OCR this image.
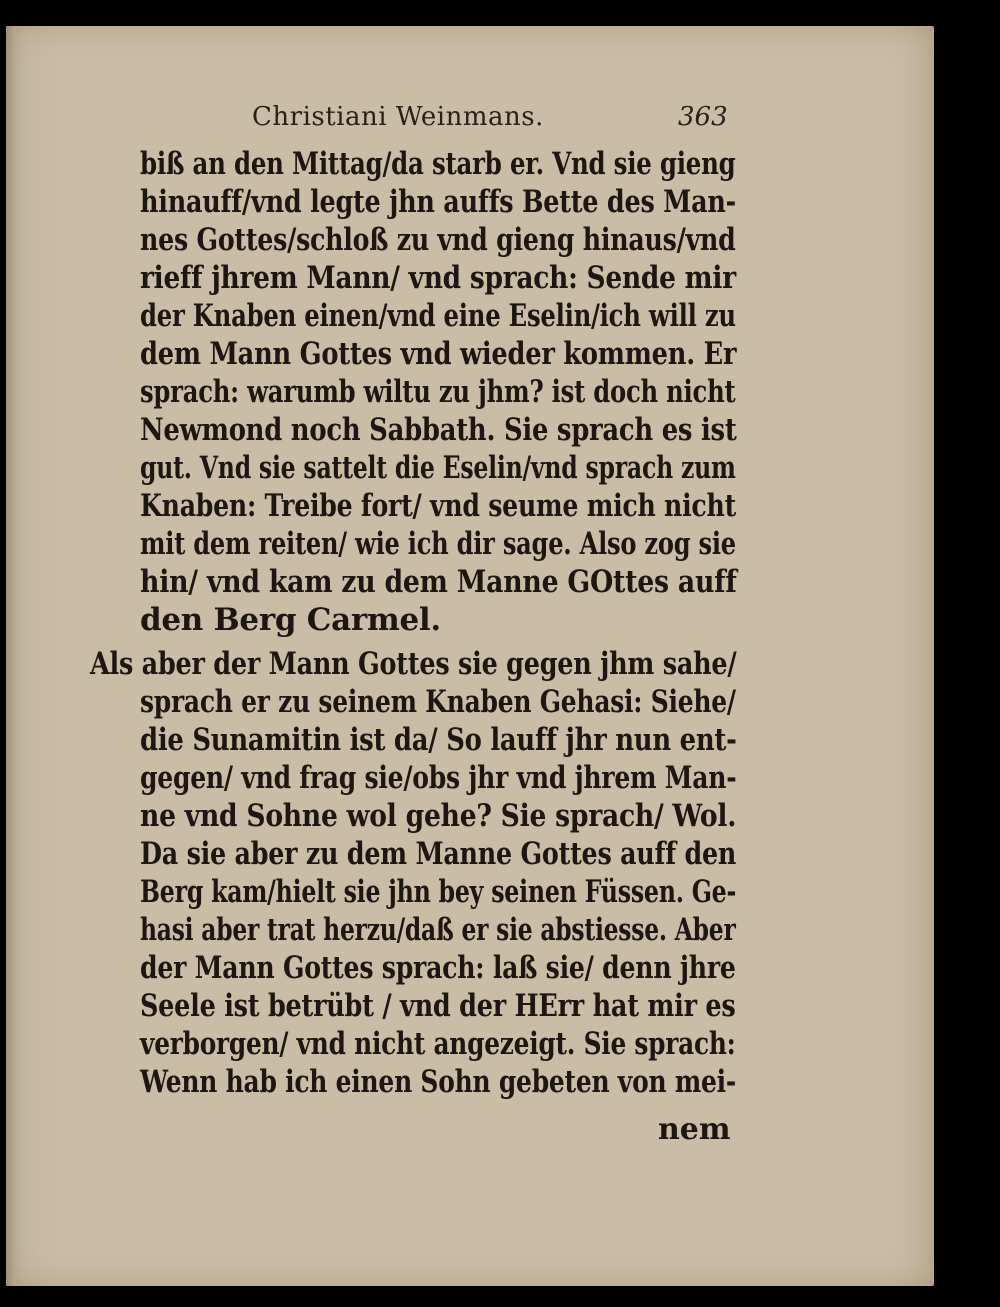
Christiani Weinmans.	363
biß an den Mittag/da starb er. Vnd sie gieng
hinauff/vnd legte jhn auffs Bette des Man-
nes Gottes/schloß zu vnd gieng hinaus/vnd
rieff jhrem Mann/ vnd sprach: Sende mir
der Knaben einen/vnd eine Eselin/ich will zu
dem Mann Gottes vnd wieder kommen. Er
sprach: warumb wiltu zu jhm? ist doch nicht
Newmond noch Sabbath. Sie sprach es ist
gut. Vnd sie sattelt die Eselin/vnd sprach zum
Knaben: Treibe fort/ vnd seume mich nicht
mit dem reiten/ wie ich dir sage. Also zog sie
hin/ vnd kam zu dem Manne GOttes auff
den Berg Carmel.
Als aber der Mann Gottes sie gegen jhm sahe/
sprach er zu seinem Knaben Gehasi: Siehe/
die Sunamitin ist da/ So lauff jhr nun ent-
gegen/ vnd frag sie/obs jhr vnd jhrem Man-
ne vnd Sohne wol gehe? Sie sprach/ Wol.
Da sie aber zu dem Manne Gottes auff den
Berg kam/hielt sie jhn bey seinen Füssen. Ge-
hasi aber trat herzu/daß er sie abstiesse. Aber
der Mann Gottes sprach: laß sie/ denn jhre
Seele ist betrübt / vnd der HErr hat mir es
verborgen/ vnd nicht angezeigt. Sie sprach:
Wenn hab ich einen Sohn gebeten von mei-
nem
